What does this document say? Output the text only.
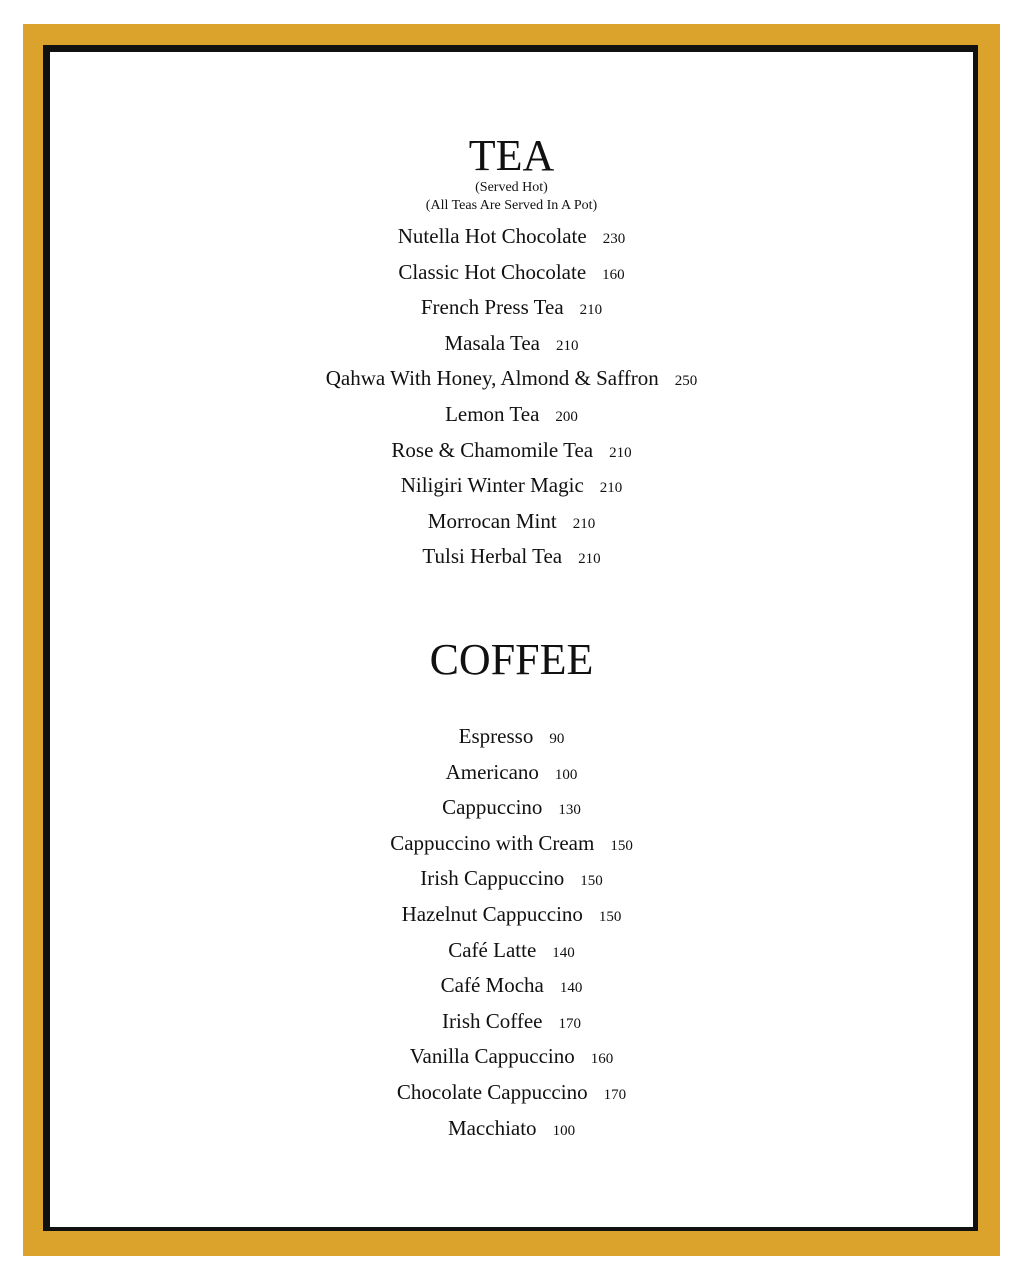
TEA
(Served Hot)
(All Teas Are Served In A Pot)
Nutella Hot Chocolate 230
Classic Hot Chocolate 160
French Press Tea 210
Masala Tea 210
Qahwa With Honey, Almond & Saffron 250
Lemon Tea 200
Rose & Chamomile Tea 210
Niligiri Winter Magic 210
Morrocan Mint 210
Tulsi Herbal Tea 210
COFFEE
Espresso 90
Americano 100
Cappuccino 130
Cappuccino with Cream 150
Irish Cappuccino 150
Hazelnut Cappuccino 150
Café Latte 140
Café Mocha 140
Irish Coffee 170
Vanilla Cappuccino 160
Chocolate Cappuccino 170
Macchiato 100
